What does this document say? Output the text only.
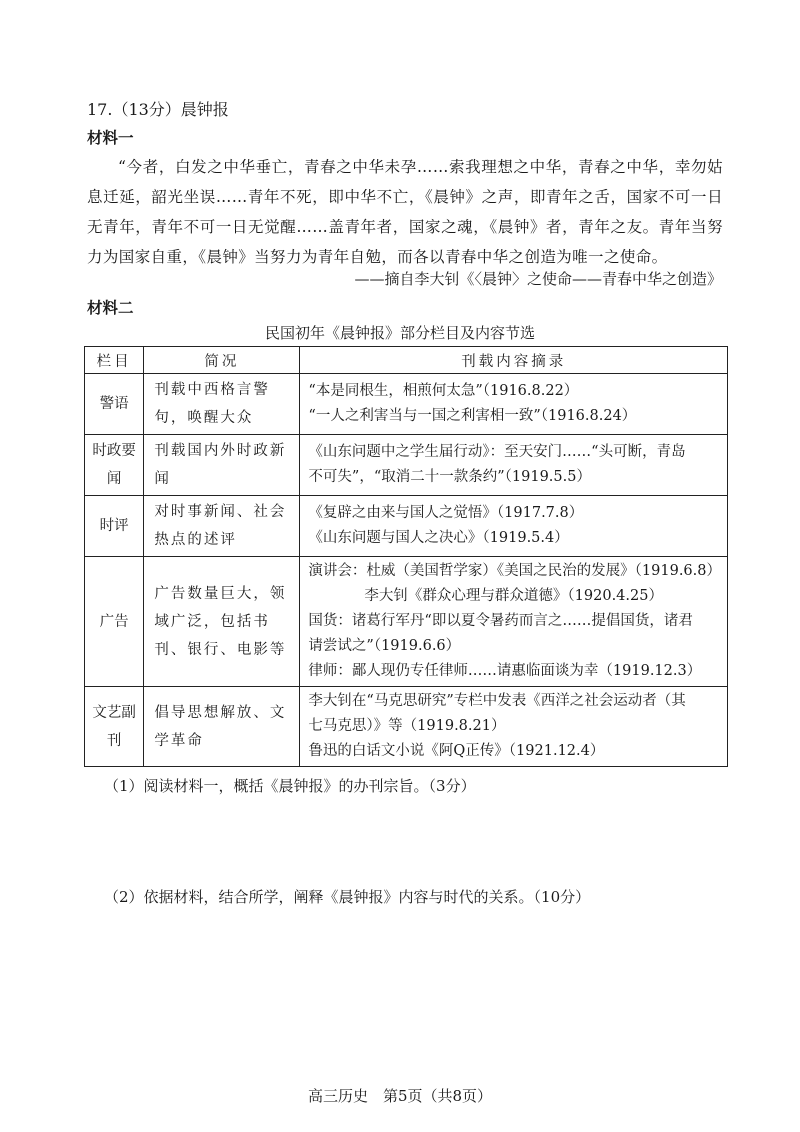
17.（13分）晨钟报
材料一
“今者，白发之中华垂亡，青春之中华未孕……索我理想之中华，青春之中华，幸勿姑息迁延，韶光坐误……青年不死，即中华不亡，《晨钟》之声，即青年之舌，国家不可一日无青年，青年不可一日无觉醒……盖青年者，国家之魂，《晨钟》者，青年之友。青年当努力为国家自重，《晨钟》当努力为青年自勉，而各以青春中华之创造为唯一之使命。
——摘自李大钊《〈晨钟〉之使命——青春中华之创造》
材料二
民国初年《晨钟报》部分栏目及内容节选
栏目	简况	刊载内容摘录
警语	刊载中西格言警句，唤醒大众	“本是同根生，相煎何太急”（1916.8.22）
“一人之利害当与一国之利害相一致”（1916.8.24）

时政要闻	刊载国内外时政新闻	《山东问题中之学生届行动》：至天安门……“头可断，青岛
不可失”，“取消二十一款条约”（1919.5.5）

时评	对时事新闻、社会热点的述评	《复辟之由来与国人之觉悟》（1917.7.8）
《山东问题与国人之决心》（1919.5.4）

广告	广告数量巨大，领域广泛，包括书刊、银行、电影等	演讲会：杜威（美国哲学家）《美国之民治的发展》（1919.6.8）
李大钊《群众心理与群众道德》（1920.4.25）
国货：诸葛行军丹“即以夏令暑药而言之……提倡国货，诸君
请尝试之”（1919.6.6）
律师：鄙人现仍专任律师……请惠临面谈为幸（1919.12.3）

文艺副刊	倡导思想解放、文学革命	李大钊在“马克思研究”专栏中发表《西洋之社会运动者（其
七马克思）》等（1919.8.21）
鲁迅的白话文小说《阿Q正传》（1921.12.4）
（1）阅读材料一，概括《晨钟报》的办刊宗旨。（3分）
（2）依据材料，结合所学，阐释《晨钟报》内容与时代的关系。（10分）
高三历史　第5页（共8页）
